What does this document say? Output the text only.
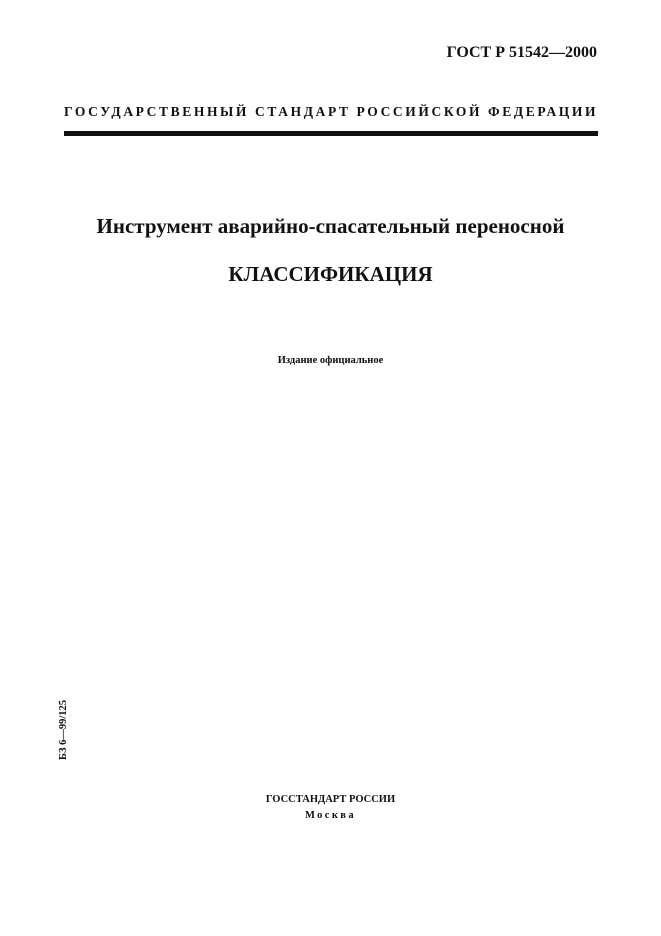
ГОСТ Р 51542—2000
ГОСУДАРСТВЕННЫЙ СТАНДАРТ РОССИЙСКОЙ ФЕДЕРАЦИИ
Инструмент аварийно-спасательный переносной
КЛАССИФИКАЦИЯ
Издание официальное
БЗ 6—99/125
ГОССТАНДАРТ РОССИИ
Москва
